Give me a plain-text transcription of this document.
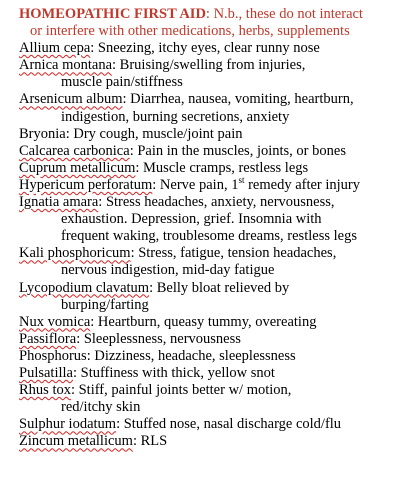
HOMEOPATHIC FIRST AID: N.b., these do not interact
or interfere with other medications, herbs, supplements
Allium cepa: Sneezing, itchy eyes, clear runny nose
Arnica montana: Bruising/swelling from injuries,
muscle pain/stiffness
Arsenicum album: Diarrhea, nausea, vomiting, heartburn,
indigestion, burning secretions, anxiety
Bryonia: Dry cough, muscle/joint pain
Calcarea carbonica: Pain in the muscles, joints, or bones
Cuprum metallicum: Muscle cramps, restless legs
Hypericum perforatum: Nerve pain, 1st remedy after injury
Ignatia amara: Stress headaches, anxiety, nervousness,
exhaustion. Depression, grief. Insomnia with
frequent waking, troublesome dreams, restless legs
Kali phosphoricum: Stress, fatigue, tension headaches,
nervous indigestion, mid-day fatigue
Lycopodium clavatum: Belly bloat relieved by
burping/farting
Nux vomica: Heartburn, queasy tummy, overeating
Passiflora: Sleeplessness, nervousness
Phosphorus: Dizziness, headache, sleeplessness
Pulsatilla: Stuffiness with thick, yellow snot
Rhus tox: Stiff, painful joints better w/ motion,
red/itchy skin
Sulphur iodatum: Stuffed nose, nasal discharge cold/flu
Zincum metallicum: RLS
